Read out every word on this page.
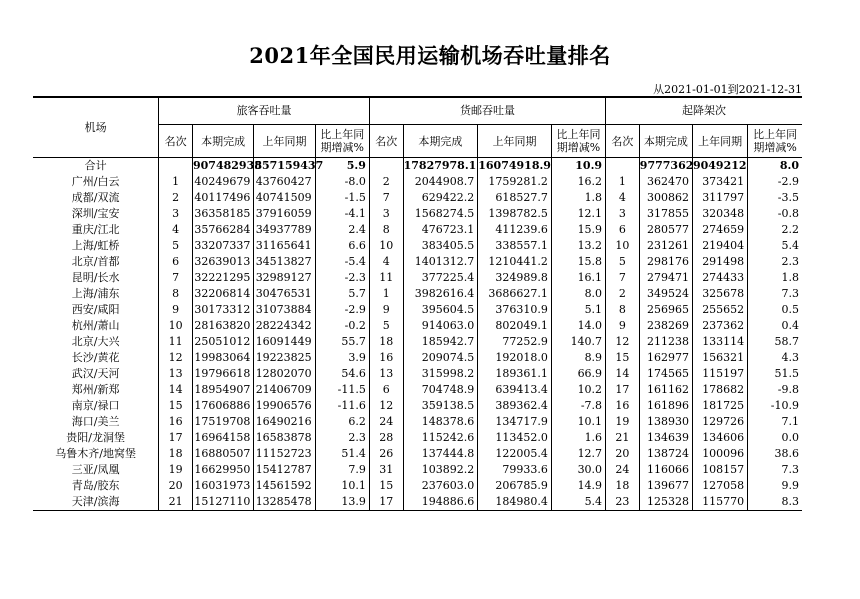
2021年全国民用运输机场吞吐量排名
从2021-01-01到2021-12-31
机场	旅客吞吐量				货邮吞吐量				起降架次			
	名次	本期完成	上年同期	比上年同期增减%	名次	本期完成	上年同期	比上年同期增减%	名次	本期完成	上年同期	比上年同期增减%
合计		907482935	857159437	5.9		17827978.1	16074918.9	10.9		9777362	9049212	8.0
广州/白云	1	40249679	43760427	-8.0	2	2044908.7	1759281.2	16.2	1	362470	373421	-2.9
成都/双流	2	40117496	40741509	-1.5	7	629422.2	618527.7	1.8	4	300862	311797	-3.5
深圳/宝安	3	36358185	37916059	-4.1	3	1568274.5	1398782.5	12.1	3	317855	320348	-0.8
重庆/江北	4	35766284	34937789	2.4	8	476723.1	411239.6	15.9	6	280577	274659	2.2
上海/虹桥	5	33207337	31165641	6.6	10	383405.5	338557.1	13.2	10	231261	219404	5.4
北京/首都	6	32639013	34513827	-5.4	4	1401312.7	1210441.2	15.8	5	298176	291498	2.3
昆明/长水	7	32221295	32989127	-2.3	11	377225.4	324989.8	16.1	7	279471	274433	1.8
上海/浦东	8	32206814	30476531	5.7	1	3982616.4	3686627.1	8.0	2	349524	325678	7.3
西安/咸阳	9	30173312	31073884	-2.9	9	395604.5	376310.9	5.1	8	256965	255652	0.5
杭州/萧山	10	28163820	28224342	-0.2	5	914063.0	802049.1	14.0	9	238269	237362	0.4
北京/大兴	11	25051012	16091449	55.7	18	185942.7	77252.9	140.7	12	211238	133114	58.7
长沙/黄花	12	19983064	19223825	3.9	16	209074.5	192018.0	8.9	15	162977	156321	4.3
武汉/天河	13	19796618	12802070	54.6	13	315998.2	189361.1	66.9	14	174565	115197	51.5
郑州/新郑	14	18954907	21406709	-11.5	6	704748.9	639413.4	10.2	17	161162	178682	-9.8
南京/禄口	15	17606886	19906576	-11.6	12	359138.5	389362.4	-7.8	16	161896	181725	-10.9
海口/美兰	16	17519708	16490216	6.2	24	148378.6	134717.9	10.1	19	138930	129726	7.1
贵阳/龙洞堡	17	16964158	16583878	2.3	28	115242.6	113452.0	1.6	21	134639	134606	0.0
乌鲁木齐/地窝堡	18	16880507	11152723	51.4	26	137444.8	122005.4	12.7	20	138724	100096	38.6
三亚/凤凰	19	16629950	15412787	7.9	31	103892.2	79933.6	30.0	24	116066	108157	7.3
青岛/胶东	20	16031973	14561592	10.1	15	237603.0	206785.9	14.9	18	139677	127058	9.9
天津/滨海	21	15127110	13285478	13.9	17	194886.6	184980.4	5.4	23	125328	115770	8.3
